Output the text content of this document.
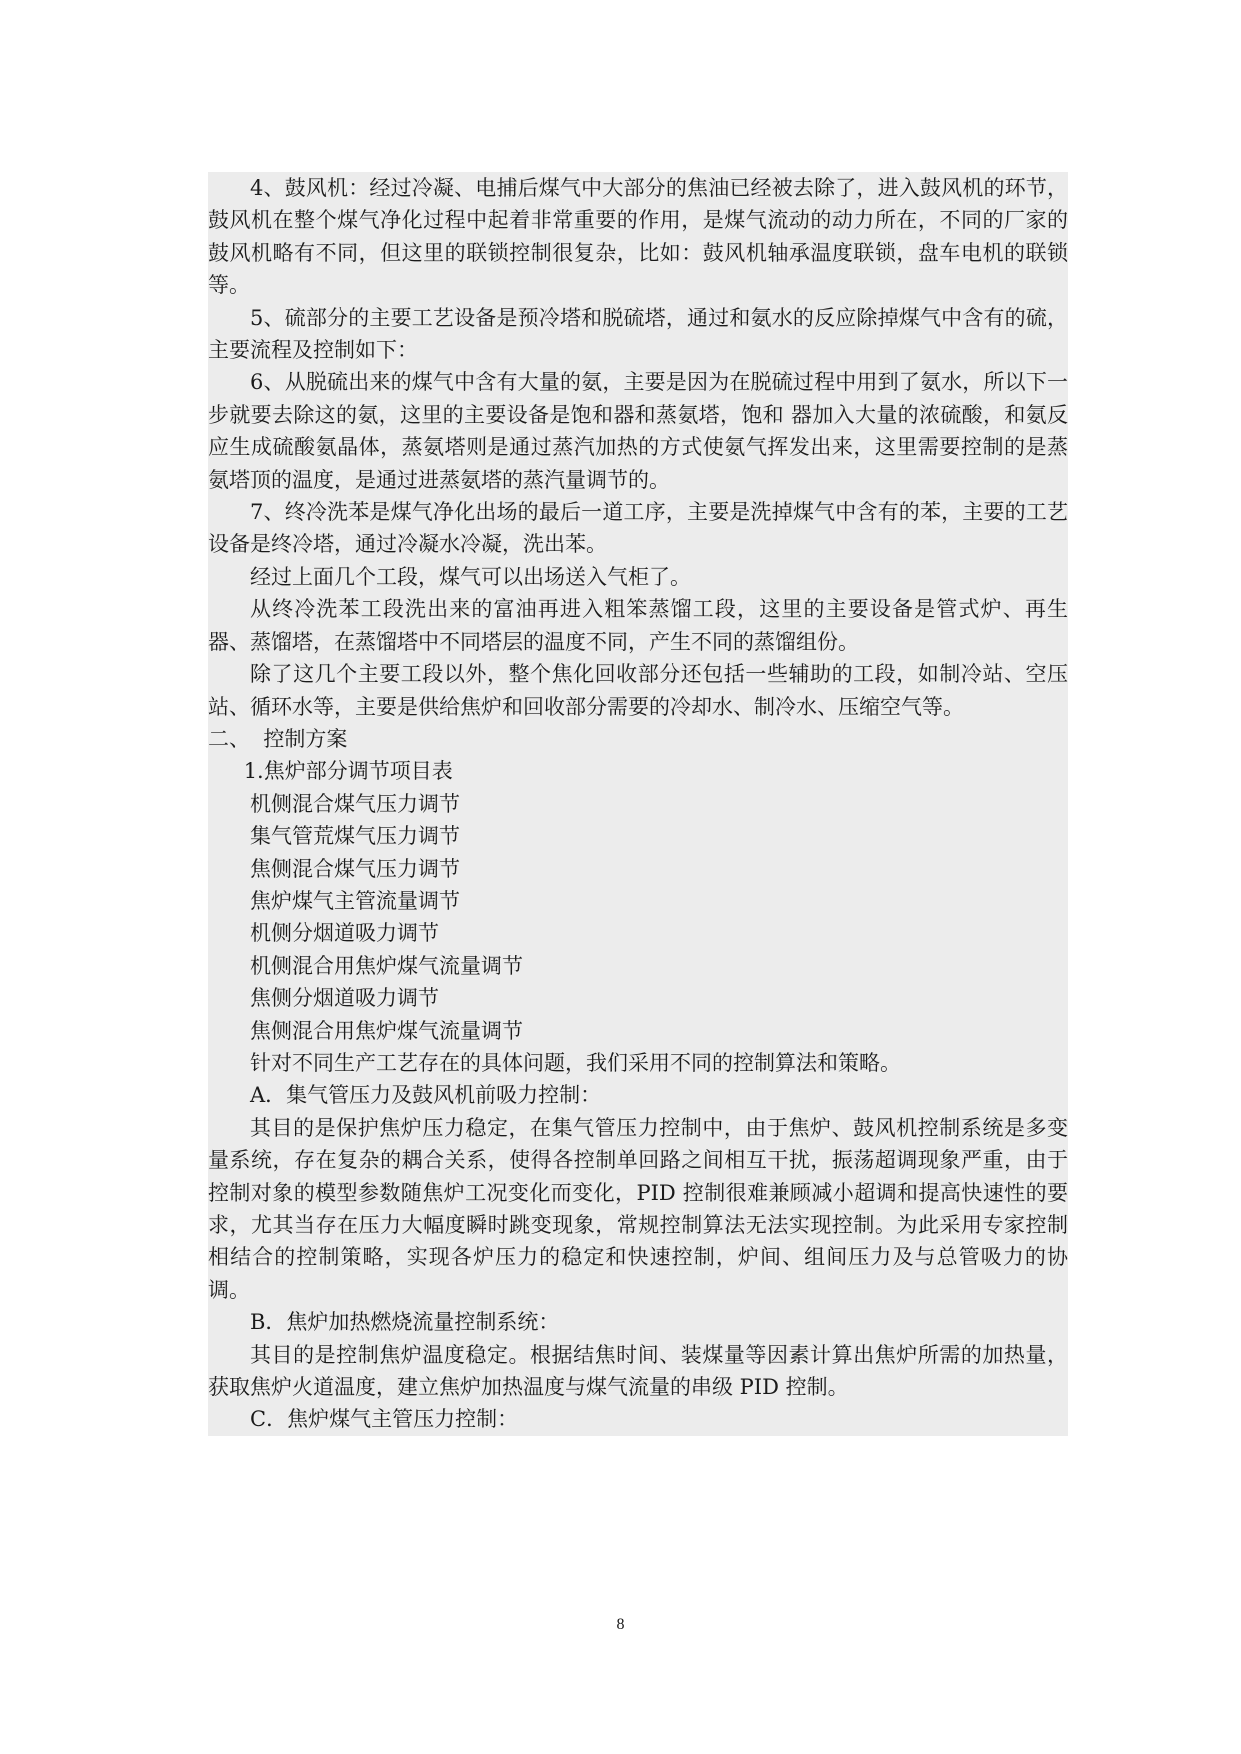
4、鼓风机：经过冷凝、电捕后煤气中大部分的焦油已经被去除了，进入鼓风机的环节，鼓风机在整个煤气净化过程中起着非常重要的作用，是煤气流动的动力所在，不同的厂家的鼓风机略有不同，但这里的联锁控制很复杂，比如：鼓风机轴承温度联锁，盘车电机的联锁等。

5、硫部分的主要工艺设备是预冷塔和脱硫塔，通过和氨水的反应除掉煤气中含有的硫，主要流程及控制如下：

6、从脱硫出来的煤气中含有大量的氨，主要是因为在脱硫过程中用到了氨水，所以下一步就要去除这的氨，这里的主要设备是饱和器和蒸氨塔，饱和 器加入大量的浓硫酸，和氨反应生成硫酸氨晶体，蒸氨塔则是通过蒸汽加热的方式使氨气挥发出来，这里需要控制的是蒸氨塔顶的温度，是通过进蒸氨塔的蒸汽量调节的。

7、终冷洗苯是煤气净化出场的最后一道工序，主要是洗掉煤气中含有的苯，主要的工艺设备是终冷塔，通过冷凝水冷凝，洗出苯。

经过上面几个工段，煤气可以出场送入气柜了。

从终冷洗苯工段洗出来的富油再进入粗笨蒸馏工段，这里的主要设备是管式炉、再生器、蒸馏塔，在蒸馏塔中不同塔层的温度不同，产生不同的蒸馏组份。

除了这几个主要工段以外，整个焦化回收部分还包括一些辅助的工段，如制冷站、空压站、循环水等，主要是供给焦炉和回收部分需要的冷却水、制冷水、压缩空气等。

二、  控制方案

1.焦炉部分调节项目表

机侧混合煤气压力调节

集气管荒煤气压力调节

焦侧混合煤气压力调节

焦炉煤气主管流量调节

机侧分烟道吸力调节

机侧混合用焦炉煤气流量调节

焦侧分烟道吸力调节

焦侧混合用焦炉煤气流量调节

针对不同生产工艺存在的具体问题，我们采用不同的控制算法和策略。

A．集气管压力及鼓风机前吸力控制：

其目的是保护焦炉压力稳定，在集气管压力控制中，由于焦炉、鼓风机控制系统是多变量系统，存在复杂的耦合关系，使得各控制单回路之间相互干扰，振荡超调现象严重，由于控制对象的模型参数随焦炉工况变化而变化，PID 控制很难兼顾减小超调和提高快速性的要求，尤其当存在压力大幅度瞬时跳变现象，常规控制算法无法实现控制。为此采用专家控制相结合的控制策略，实现各炉压力的稳定和快速控制，炉间、组间压力及与总管吸力的协调。

B．焦炉加热燃烧流量控制系统：

其目的是控制焦炉温度稳定。根据结焦时间、装煤量等因素计算出焦炉所需的加热量，获取焦炉火道温度，建立焦炉加热温度与煤气流量的串级 PID 控制。

C．焦炉煤气主管压力控制：

8
